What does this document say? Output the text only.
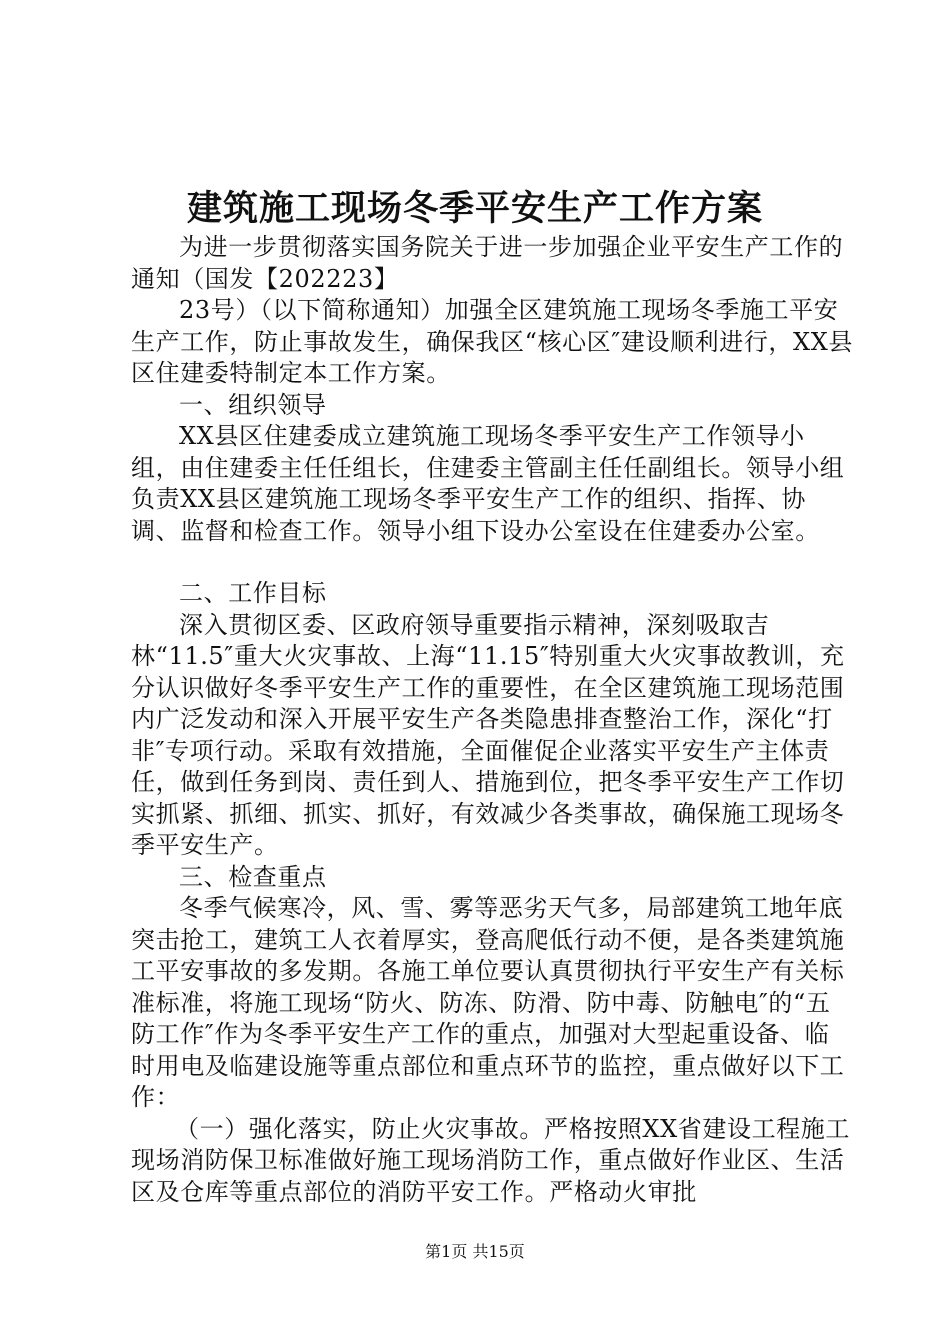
建筑施工现场冬季平安生产工作方案

为进一步贯彻落实国务院关于进一步加强企业平安生产工作的通知（国发【202223】

23号）（以下简称通知）加强全区建筑施工现场冬季施工平安生产工作，防止事故发生，确保我区“核心区″建设顺利进行，XX县区住建委特制定本工作方案。

一、组织领导

XX县区住建委成立建筑施工现场冬季平安生产工作领导小组，由住建委主任任组长，住建委主管副主任任副组长。领导小组负责XX县区建筑施工现场冬季平安生产工作的组织、指挥、协调、监督和检查工作。领导小组下设办公室设在住建委办公室。

二、工作目标

深入贯彻区委、区政府领导重要指示精神，深刻吸取吉林“11.5″重大火灾事故、上海“11.15″特别重大火灾事故教训，充分认识做好冬季平安生产工作的重要性，在全区建筑施工现场范围内广泛发动和深入开展平安生产各类隐患排查整治工作，深化“打非″专项行动。采取有效措施，全面催促企业落实平安生产主体责任，做到任务到岗、责任到人、措施到位，把冬季平安生产工作切实抓紧、抓细、抓实、抓好，有效减少各类事故，确保施工现场冬季平安生产。

三、检查重点

冬季气候寒冷，风、雪、雾等恶劣天气多，局部建筑工地年底突击抢工，建筑工人衣着厚实，登高爬低行动不便，是各类建筑施工平安事故的多发期。各施工单位要认真贯彻执行平安生产有关标准标准，将施工现场“防火、防冻、防滑、防中毒、防触电″的“五防工作″作为冬季平安生产工作的重点，加强对大型起重设备、临时用电及临建设施等重点部位和重点环节的监控，重点做好以下工作：

（一）强化落实，防止火灾事故。严格按照XX省建设工程施工现场消防保卫标准做好施工现场消防工作，重点做好作业区、生活区及仓库等重点部位的消防平安工作。严格动火审批

第1页 共15页
